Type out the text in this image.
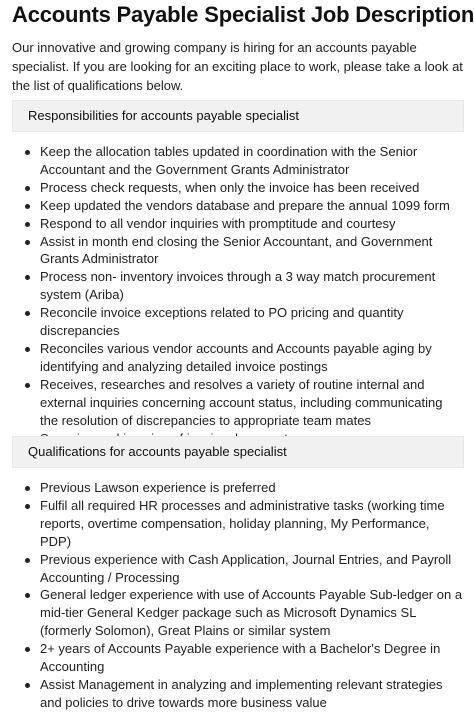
Accounts Payable Specialist Job Description
Our innovative and growing company is hiring for an accounts payable specialist. If you are looking for an exciting place to work, please take a look at the list of qualifications below.
Responsibilities for accounts payable specialist
Keep the allocation tables updated in coordination with the Senior Accountant and the Government Grants Administrator
Process check requests, when only the invoice has been received
Keep updated the vendors database and prepare the annual 1099 form
Respond to all vendor inquiries with promptitude and courtesy
Assist in month end closing the Senior Accountant, and Government Grants Administrator
Process non- inventory invoices through a 3 way match procurement system (Ariba)
Reconcile invoice exceptions related to PO pricing and quantity discrepancies
Reconciles various vendor accounts and Accounts payable aging by identifying and analyzing detailed invoice postings
Receives, researches and resolves a variety of routine internal and external inquiries concerning account status, including communicating the resolution of discrepancies to appropriate team mates
Qualifications for accounts payable specialist
Previous Lawson experience is preferred
Fulfil all required HR processes and administrative tasks (working time reports, overtime compensation, holiday planning, My Performance, PDP)
Previous experience with Cash Application, Journal Entries, and Payroll Accounting / Processing
General ledger experience with use of Accounts Payable Sub-ledger on a mid-tier General Kedger package such as Microsoft Dynamics SL (formerly Solomon), Great Plains or similar system
2+ years of Accounts Payable experience with a Bachelor's Degree in Accounting
Assist Management in analyzing and implementing relevant strategies and policies to drive towards more business value
